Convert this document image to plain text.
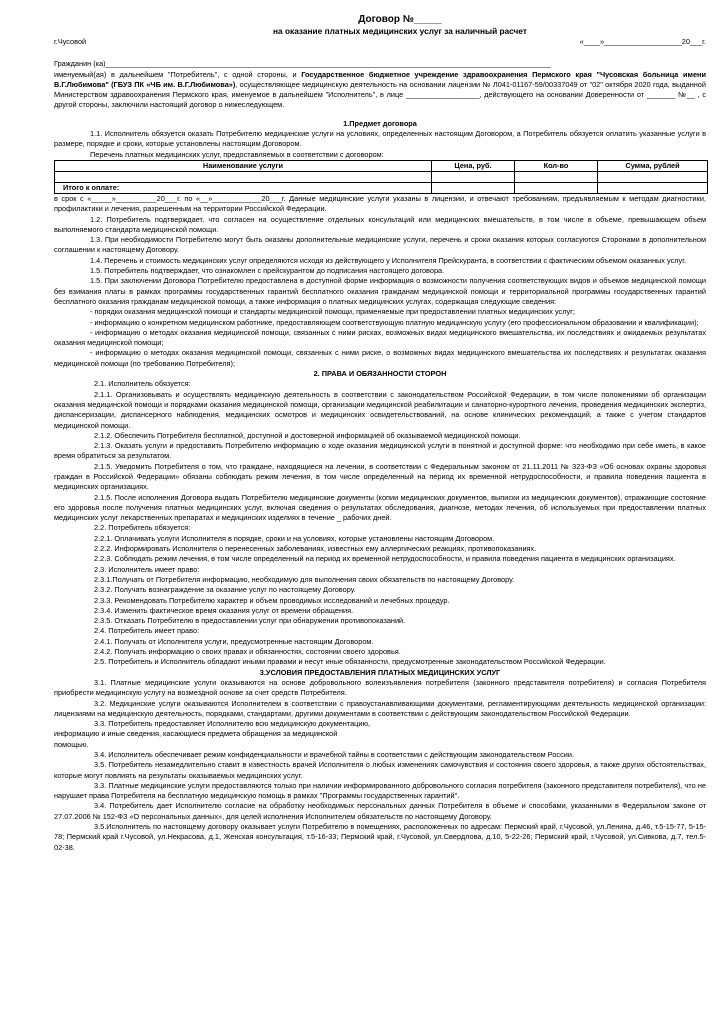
Договор №_____
на оказание платных медицинских услуг за наличный расчет
г.Чусовой	«____»___________________20___г.
Гражданин (ка)_____________________________________________________________________________________________________________
именуемый(ая) в дальнейшем "Потребитель", с одной стороны, и Государственное бюджетное учреждение здравоохранения Пермского края "Чусовская больница имени В.Г.Любимова" (ГБУЗ ПК «ЧБ им. В.Г.Любимова»), осуществляющее медицинскую деятельность на основании лицензии № Л041-01167-59/00337049 от "02" октября 2020 года, выданной Министерством здравоохранения Пермского края, именуемое в дальнейшем "Исполнитель", в лице __________________, действующего на основании Доверенности от _______ №__ , с другой стороны, заключили настоящий договор о нижеследующем.
1.Предмет договора
1.1. Исполнитель обязуется оказать Потребителю медицинские услуги на условиях, определенных настоящим Договором, а Потребитель обязуется оплатить указанные услуги в размере, порядке и сроки, которые установлены настоящим Договором.
Перечень платных медицинских услуг, предоставляемых в соответствии с договором:
Наименование услуги	Цена, руб.	Кол-во	Сумма, рублей

Итого к оплате:			
в срок с «_____»__________20___г. по «__»____________20___г. Данные медицинские услуги указаны в лицензии, и отвечают требованиям, предъявляемым к методам диагностики, профилактики и лечения, разрешенным на территории Российской Федерации.
1.2. Потребитель подтверждает, что согласен на осуществление отдельных консультаций или медицинских вмешательств, в том числе в объеме, превышающем объем выполняемого стандарта медицинской помощи.
1.3. При необходимости Потребителю могут быть оказаны дополнительные медицинские услуги, перечень и сроки оказания которых согласуются Сторонами в дополнительном соглашении к настоящему Договору.
1.4. Перечень и стоимость медицинских услуг определяются исходя из действующего у Исполнителя Прейскуранта, в соответствии с фактическим объемом оказанных услуг.
1.5. Потребитель подтверждает, что ознакомлен с прейскурантом до подписания настоящего договора.
1.5. При заключении Договора Потребителю предоставлена в доступной форме информация о возможности получения соответствующих видов и объемов медицинской помощи без взимания платы в рамках программы государственных гарантий бесплатного оказания гражданам медицинской помощи и территориальной программы государственных гарантий бесплатного оказания гражданам медицинской помощи, а также информация о платных медицинских услугах, содержащая следующие сведения:
- порядки оказания медицинской помощи и стандарты медицинской помощи, применяемые при предоставлении платных медицинских услуг;
- информацию о конкретном медицинском работнике, предоставляющем соответствующую платную медицинскую услугу (его профессиональном образовании и квалификации);
- информацию о методах оказания медицинской помощи, связанных с ними рисках, возможных видах медицинского вмешательства, их последствиях и ожидаемых результатах оказания медицинской помощи;
- информацию о методах оказания медицинской помощи, связанных с ними риске, о возможных видах медицинского вмешательства их последствиях и результатах оказания медицинской помощи (по требованию Потребителя);
2. ПРАВА И ОБЯЗАННОСТИ СТОРОН
2.1. Исполнитель обязуется:
2.1.1. Организовывать и осуществлять медицинскую деятельность в соответствии с законодательством Российской Федерации, в том числе положениями об организации оказания медицинской помощи и порядками оказания медицинской помощи, организации медицинской реабилитации и санаторно-курортного лечения, проведения медицинских экспертиз, диспансеризации, диспансерного наблюдения, медицинских осмотров и медицинских освидетельствований, на основе клинических рекомендаций, а также с учетом стандартов медицинской помощи.
2.1.2. Обеспечить Потребителя бесплатной, доступной и достоверной информацией об оказываемой медицинской помощи.
2.1.3. Оказать услуги и предоставить Потребителю информацию о ходе оказания медицинской услуги в понятной и доступной форме: что необходимо при себе иметь, в какое время обратиться за результатом.
2.1.5. Уведомить Потребителя о том, что граждане, находящиеся на лечении, в соответствии с Федеральным законом от 21.11.2011 № 323-ФЗ «Об основах охраны здоровья граждан в Российской Федерации» обязаны соблюдать режим лечения, в том числе определенный на период их временной нетрудоспособности, и правила поведения пациента в медицинских организациях.
2.1.5. После исполнения Договора выдать Потребителю медицинские документы (копии медицинских документов, выписки из медицинских документов), отражающие состояние его здоровья после получения платных медицинских услуг, включая сведения о результатах обследования, диагнозе, методах лечения, об используемых при предоставлении платных медицинских услуг лекарственных препаратах и медицинских изделиях в течение _ рабочих дней.
2.2. Потребитель обязуется:
2.2.1. Оплачивать услуги Исполнителя в порядке, сроки и на условиях, которые установлены настоящим Договором.
2.2.2. Информировать Исполнителя о перенесенных заболеваниях, известных ему аллергических реакциях, противопоказаниях.
2.2.3. Соблюдать режим лечения, в том числе определенный на период их временной нетрудоспособности, и правила поведения пациента в медицинских организациях.
2.3. Исполнитель имеет право:
2.3.1.Получать от Потребителя информацию, необходимую для выполнения своих обязательств по настоящему Договору.
2.3.2. Получать вознаграждение за оказание услуг по настоящему Договору.
2.3.3. Рекомендовать Потребителю характер и объем проводимых исследований и лечебных процедур.
2.3.4. Изменить фактическое время оказания услуг от времени обращения.
2.3.5. Отказать Потребителю в предоставлении услуг при обнаружении противопоказаний.
2.4. Потребитель имеет право:
2.4.1. Получать от Исполнителя услуги, предусмотренные настоящим Договором.
2.4.2. Получать информацию о своих правах и обязанностях, состоянии своего здоровья.
2.5. Потребитель и Исполнитель обладают иными правами и несут иные обязанности, предусмотренные законодательством Российской Федерации.
3.УСЛОВИЯ ПРЕДОСТАВЛЕНИЯ ПЛАТНЫХ МЕДИЦИНСКИХ УСЛУГ
3.1. Платные медицинские услуги оказываются на основе добровольного волеизъявления потребителя (законного представителя потребителя) и согласия Потребителя приобрести медицинскую услугу на возмездной основе за счет средств Потребителя.
3.2. Медицинские услуги оказываются Исполнителем в соответствии с правоустанавливающими документами, регламентирующими деятельность медицинской организации: лицензиями на медицинскую деятельность, порядками, стандартами, другими документами в соответствии с действующим законодательством Российской Федерации.
3.3. Потребитель предоставляет Исполнителю всю медицинскую документацию,
информацию и иные сведения, касающиеся предмета обращения за медицинской
помощью.
3.4. Исполнитель обеспечивает режим конфиденциальности и врачебной тайны в соответствии с действующим законодательством России.
3.5. Потребитель незамедлительно ставит в известность врачей Исполнителя о любых изменениях самочувствия и состояния своего здоровья, а также других обстоятельствах, которые могут повлиять на результаты оказываемых медицинских услуг.
3.3. Платные медицинские услуги предоставляются только при наличии информированного добровольного согласия потребителя (законного представителя потребителя), что не нарушает права Потребителя на бесплатную медицинскую помощь в рамках "Программы государственных гарантий".
3.4. Потребитель дает Исполнителю согласие на обработку необходимых персональных данных Потребителя в объеме и способами, указанными в Федеральном законе от 27.07.2006 № 152-ФЗ «О персональных данных», для целей исполнения Исполнителем обязательств по настоящему Договору.
3.5.Исполнитель по настоящему договору оказывает услуги Потребителю в помещениях, расположенных по адресам: Пермский край, г.Чусовой, ул.Ленина, д.46, т.5-15-77, 5-15-78; Пермский край г.Чусовой, ул.Некрасова, д.1, Женская консультация, т.5-16-33; Пермский край, г.Чусовой, ул.Свердлова, д.10, 5-22-26; Пермский край, г.Чусовой, ул.Сивкова, д.7, тел.5-02-38.
